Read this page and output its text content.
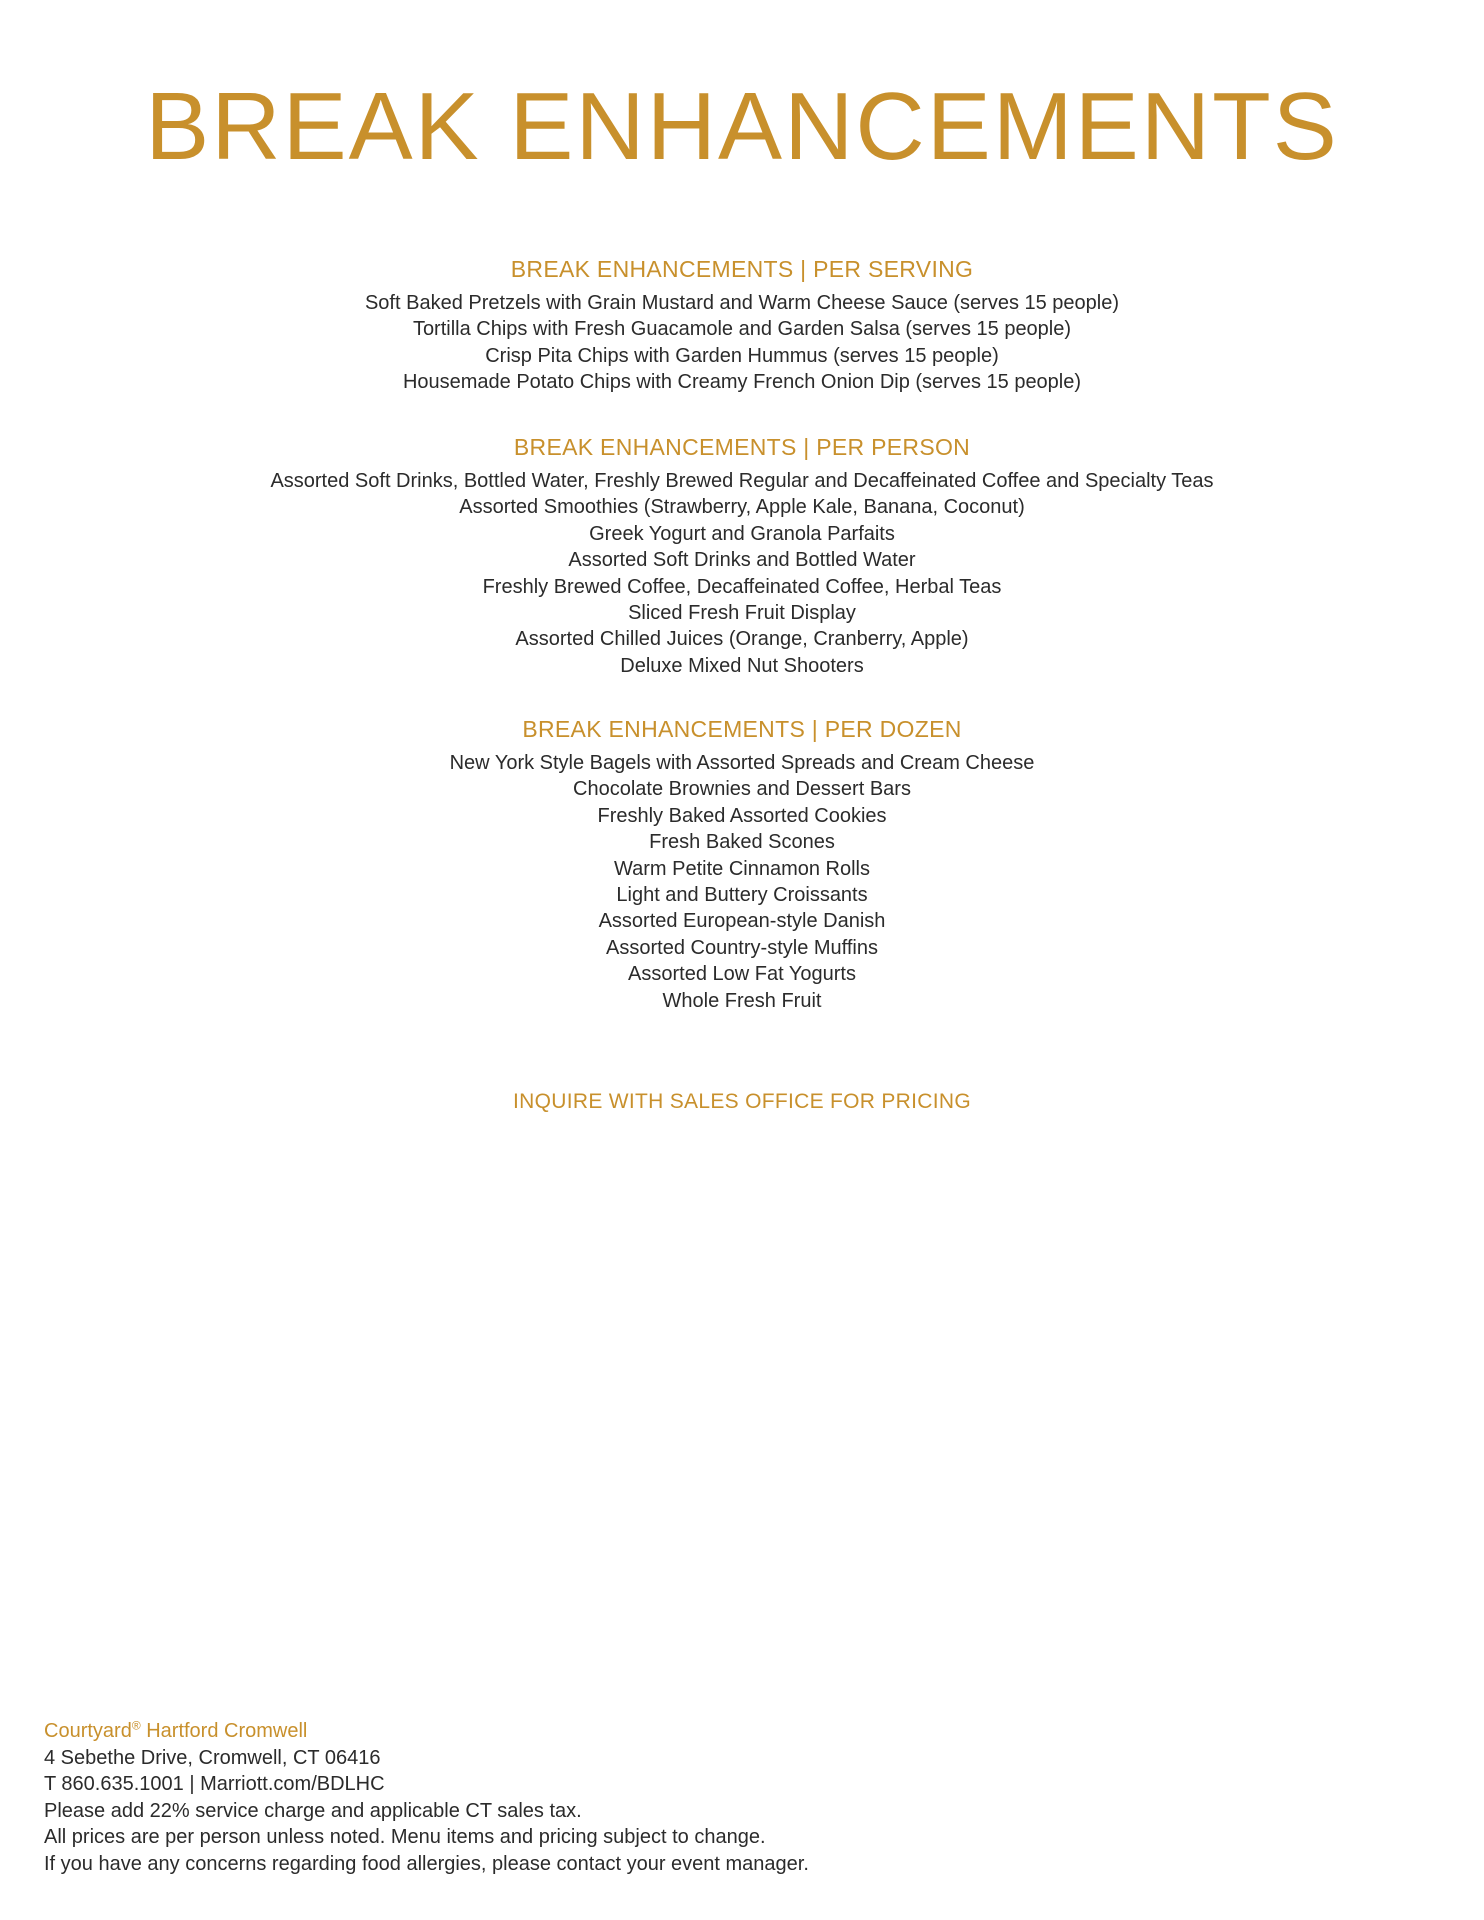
BREAK ENHANCEMENTS
BREAK ENHANCEMENTS | PER SERVING

Soft Baked Pretzels with Grain Mustard and Warm Cheese Sauce (serves 15 people)

Tortilla Chips with Fresh Guacamole and Garden Salsa (serves 15 people)

Crisp Pita Chips with Garden Hummus (serves 15 people)

Housemade Potato Chips with Creamy French Onion Dip (serves 15 people)

BREAK ENHANCEMENTS | PER PERSON

Assorted Soft Drinks, Bottled Water, Freshly Brewed Regular and Decaffeinated Coffee and Specialty Teas

Assorted Smoothies (Strawberry, Apple Kale, Banana, Coconut)

Greek Yogurt and Granola Parfaits

Assorted Soft Drinks and Bottled Water

Freshly Brewed Coffee, Decaffeinated Coffee, Herbal Teas

Sliced Fresh Fruit Display

Assorted Chilled Juices (Orange, Cranberry, Apple)

Deluxe Mixed Nut Shooters

BREAK ENHANCEMENTS | PER DOZEN

New York Style Bagels with Assorted Spreads and Cream Cheese

Chocolate Brownies and Dessert Bars

Freshly Baked Assorted Cookies

Fresh Baked Scones

Warm Petite Cinnamon Rolls

Light and Buttery Croissants

Assorted European-style Danish

Assorted Country-style Muffins

Assorted Low Fat Yogurts

Whole Fresh Fruit

INQUIRE WITH SALES OFFICE FOR PRICING
Courtyard® Hartford Cromwell
4 Sebethe Drive, Cromwell, CT 06416
T 860.635.1001 | Marriott.com/BDLHC
Please add 22% service charge and applicable CT sales tax.
All prices are per person unless noted. Menu items and pricing subject to change.
If you have any concerns regarding food allergies, please contact your event manager.
